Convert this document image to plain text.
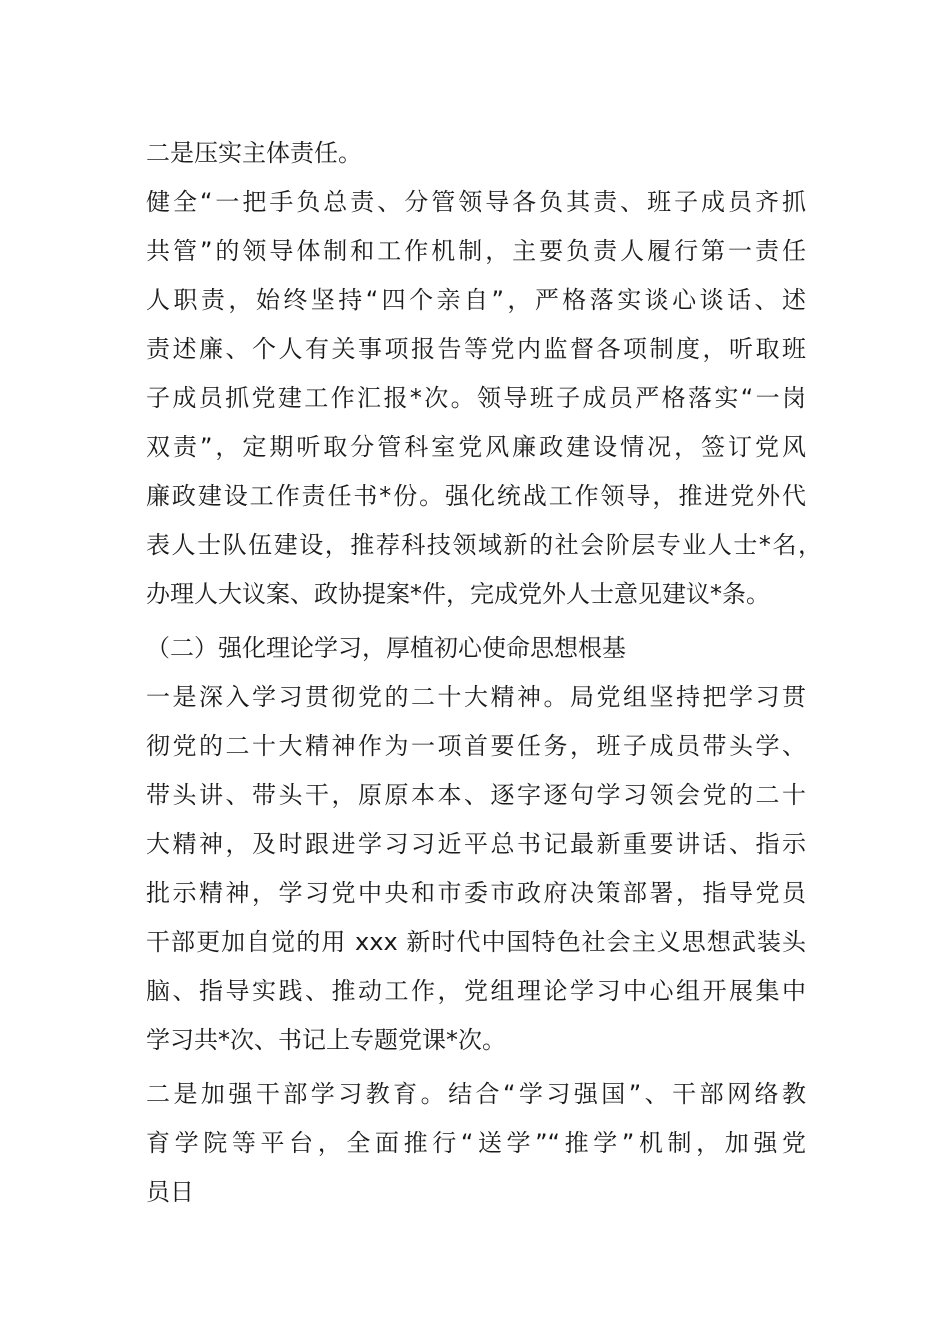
二是压实主体责任。
健全“一把手负总责、分管领导各负其责、班子成员齐抓
共管”的领导体制和工作机制，主要负责人履行第一责任
人职责，始终坚持“四个亲自”，严格落实谈心谈话、述
责述廉、个人有关事项报告等党内监督各项制度，听取班
子成员抓党建工作汇报*次。领导班子成员严格落实“一岗
双责”，定期听取分管科室党风廉政建设情况，签订党风
廉政建设工作责任书*份。强化统战工作领导，推进党外代
表人士队伍建设，推荐科技领域新的社会阶层专业人士*名，
办理人大议案、政协提案*件，完成党外人士意见建议*条。
（二）强化理论学习，厚植初心使命思想根基
一是深入学习贯彻党的二十大精神。局党组坚持把学习贯
彻党的二十大精神作为一项首要任务，班子成员带头学、
带头讲、带头干，原原本本、逐字逐句学习领会党的二十
大精神，及时跟进学习习近平总书记最新重要讲话、指示
批示精神，学习党中央和市委市政府决策部署，指导党员
干部更加自觉的用 xxx 新时代中国特色社会主义思想武装头
脑、指导实践、推动工作，党组理论学习中心组开展集中
学习共*次、书记上专题党课*次。
二是加强干部学习教育。结合“学习强国”、干部网络教
育学院等平台，全面推行“送学”“推学”机制，加强党
员日
